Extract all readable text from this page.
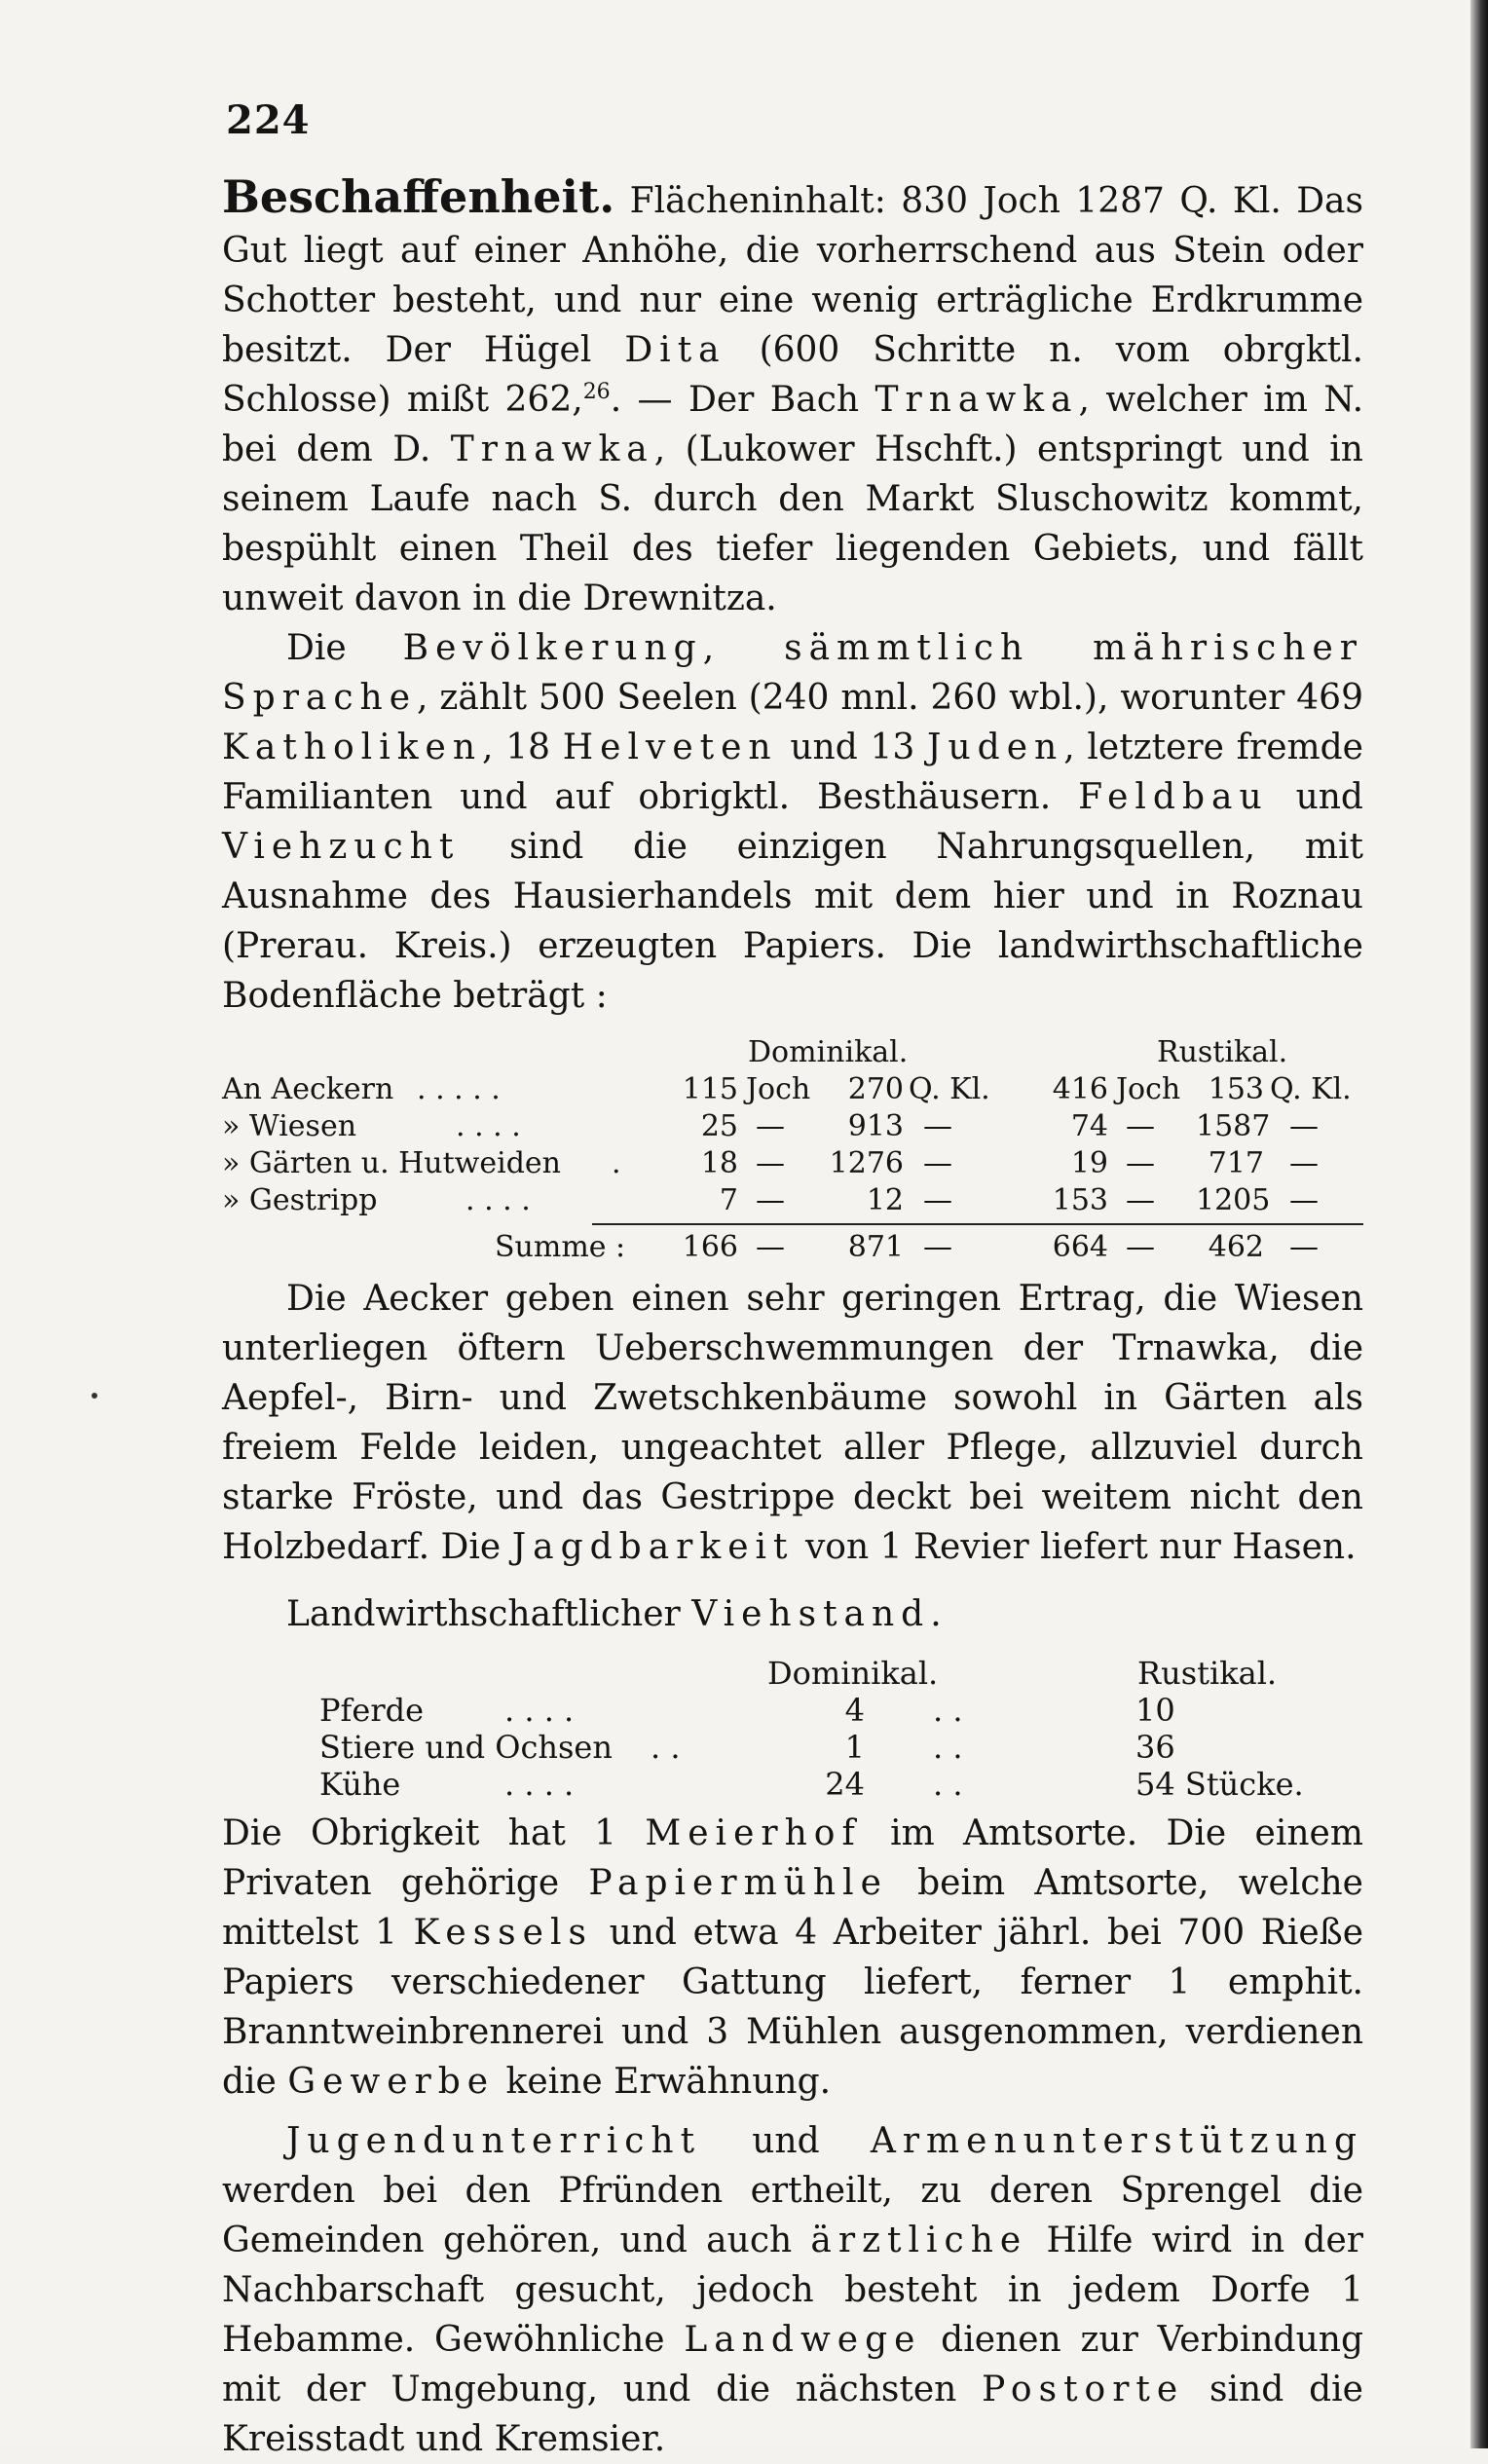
224

Beschaffenheit. Flächeninhalt: 830 Joch 1287 Q. Kl. Das Gut liegt auf einer Anhöhe, die vorherrschend aus Stein oder Schotter besteht, und nur eine wenig erträgliche Erdkrumme besitzt. Der Hügel Dita (600 Schritte n. vom obrgktl. Schlosse) mißt 262,26. — Der Bach Trnawka, welcher im N. bei dem D. Trnawka, (Lukower Hschft.) entspringt und in seinem Laufe nach S. durch den Markt Sluschowitz kommt, bespühlt einen Theil des tiefer liegenden Gebiets, und fällt unweit davon in die Drewnitza.

Die Bevölkerung, sämmtlich mährischer Sprache, zählt 500 Seelen (240 mnl. 260 wbl.), worunter 469 Katholiken, 18 Helveten und 13 Juden, letztere fremde Familianten und auf obrigktl. Besthäusern. Feldbau und Viehzucht sind die einzigen Nahrungsquellen, mit Ausnahme des Hausierhandels mit dem hier und in Roznau (Prerau. Kreis.) erzeugten Papiers. Die landwirthschaftliche Bodenfläche beträgt :

Dominikal.	Rustikal.
An Aeckern . . . . .	115 Joch	270 Q. Kl.	416 Joch 153 Q. Kl.
» Wiesen	. . . .	25 —	913 —	74 — 1587 —
» Gärten u. Hutweiden .	18 — 1276 —	19 —	717 —
» Gestripp	. . . .	7 —	12 —	153 — 1205 —
Summe : 166 —	871 —	664 —	462 —

Die Aecker geben einen sehr geringen Ertrag, die Wiesen unterliegen öftern Ueberschwemmungen der Trnawka, die Aepfel-, Birn- und Zwetschkenbäume sowohl in Gärten als freiem Felde leiden, ungeachtet aller Pflege, allzuviel durch starke Fröste, und das Gestrippe deckt bei weitem nicht den Holzbedarf. Die Jagdbarkeit von 1 Revier liefert nur Hasen.

Landwirthschaftlicher Viehstand.

Dominikal.	Rustikal.
Pferde	. . . .	4 . .	10
Stiere und Ochsen . .	1 . .	36
Kühe	. . . .	24 . .	54 Stücke.

Die Obrigkeit hat 1 Meierhof im Amtsorte. Die einem Privaten gehörige Papiermühle beim Amtsorte, welche mittelst 1 Kessels und etwa 4 Arbeiter jährl. bei 700 Rieße Papiers verschiedener Gattung liefert, ferner 1 emphit. Branntweinbrennerei und 3 Mühlen ausgenommen, verdienen die Gewerbe keine Erwähnung.

Jugendunterricht und Armenunterstützung werden bei den Pfründen ertheilt, zu deren Sprengel die Gemeinden gehören, und auch ärztliche Hilfe wird in der Nachbarschaft gesucht, jedoch besteht in jedem Dorfe 1 Hebamme. Gewöhnliche Landwege dienen zur Verbindung mit der Umgebung, und die nächsten Postorte sind die Kreisstadt und Kremsier.
